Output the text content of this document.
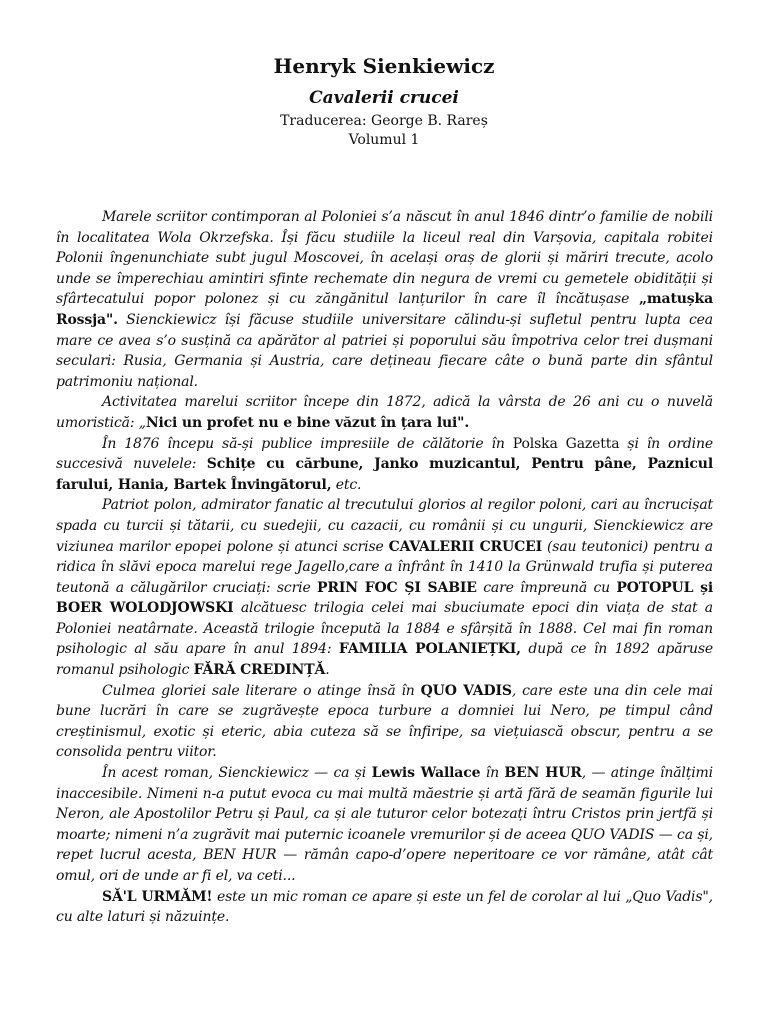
Henryk Sienkiewicz
Cavalerii crucei
Traducerea: George B. Rareș
Volumul 1

Marele scriitor contimporan al Poloniei s’a născut în anul 1846 dintr’o familie de nobili în localitatea Wola Okrzefska. Își făcu studiile la liceul real din Varșovia, capitala robitei Polonii îngenunchiate subt jugul Moscovei, în același oraș de glorii și măriri trecute, acolo unde se împerechiau amintiri sfinte rechemate din negura de vremi cu gemetele obidității și sfârtecatului popor polonez și cu zăngănitul lanțurilor în care îl încătușase „matușka Rossja". Sienckiewicz își făcuse studiile universitare călindu-și sufletul pentru lupta cea mare ce avea s’o susțină ca apărător al patriei și poporului său împotriva celor trei dușmani seculari: Rusia, Germania și Austria, care dețineau fiecare câte o bună parte din sfântul patrimoniu național.

Activitatea marelui scriitor începe din 1872, adică la vârsta de 26 ani cu o nuvelă umoristică: „Nici un profet nu e bine văzut în țara lui".

În 1876 începu să-și publice impresiile de călătorie în Polska Gazetta și în ordine succesivă nuvelele: Schițe cu cărbune, Janko muzicantul, Pentru pâne, Paznicul farului, Hania, Bartek Învingătorul, etc.

Patriot polon, admirator fanatic al trecutului glorios al regilor poloni, cari au încrucișat spada cu turcii și tătarii, cu suedejii, cu cazacii, cu românii și cu ungurii, Sienckiewicz are viziunea marilor epopei polone și atunci scrise CAVALERII CRUCEI (sau teutonici) pentru a ridica în slăvi epoca marelui rege Jagello,care a înfrânt în 1410 la Grünwald trufia și puterea teutonă a călugărilor cruciați: scrie PRIN FOC ȘI SABIE care împreună cu POTOPUL și BOER WOLODJOWSKI alcătuesc trilogia celei mai sbuciumate epoci din viața de stat a Poloniei neatârnate. Această trilogie începută la 1884 e sfârșită în 1888. Cel mai fin roman psihologic al său apare în anul 1894: FAMILIA POLANIEȚKI, după ce în 1892 apăruse romanul psihologic FĂRĂ CREDINȚĂ.

Culmea gloriei sale literare o atinge însă în QUO VADIS, care este una din cele mai bune lucrări în care se zugrăvește epoca turbure a domniei lui Nero, pe timpul când creștinismul, exotic și eteric, abia cuteza să se înfiripe, sa viețuiască obscur, pentru a se consolida pentru viitor.

În acest roman, Sienckiewicz — ca și Lewis Wallace în BEN HUR, — atinge înălțimi inaccesibile. Nimeni n-a putut evoca cu mai multă măestrie și artă fără de seamăn figurile lui Neron, ale Apostolilor Petru și Paul, ca și ale tuturor celor botezați întru Cristos prin jertfă și moarte; nimeni n’a zugrăvit mai puternic icoanele vremurilor și de aceea QUO VADIS — ca și, repet lucrul acesta, BEN HUR — rămân capo-d’opere neperitoare ce vor rămâne, atât cât omul, ori de unde ar fi el, va ceti...

SĂ'L URMĂM! este un mic roman ce apare și este un fel de corolar al lui „Quo Vadis", cu alte laturi și năzuințe.
